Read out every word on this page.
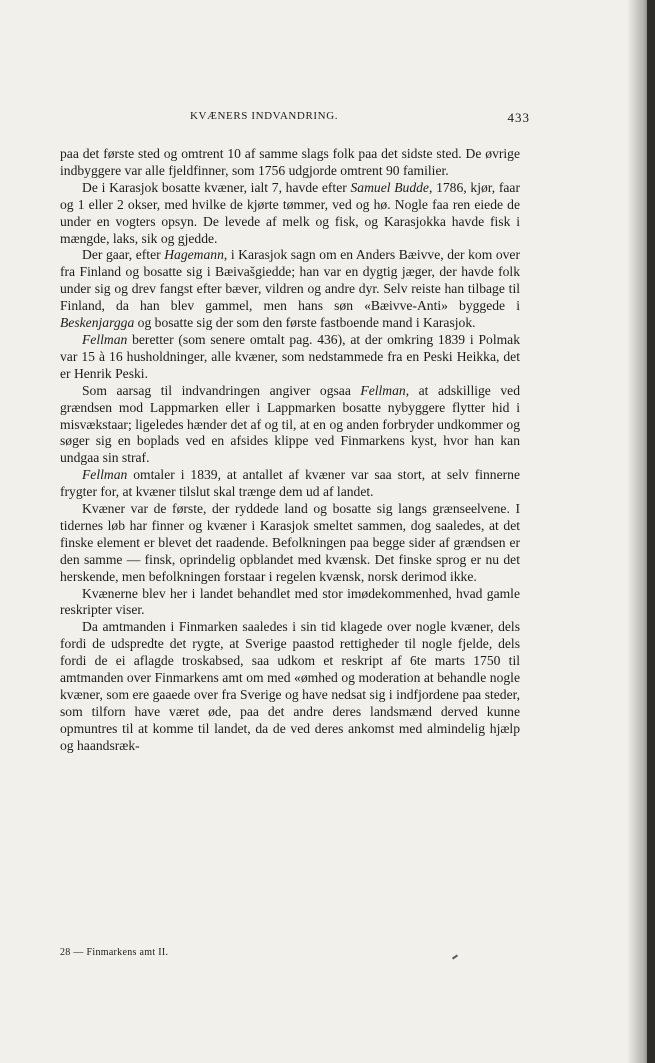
KVÆNERS INDVANDRING.	433

paa det første sted og omtrent 10 af samme slags folk paa det sidste sted. De øvrige indbyggere var alle fjeldfinner, som 1756 udgjorde omtrent 90 familier.

De i Karasjok bosatte kvæner, ialt 7, havde efter Samuel Budde, 1786, kjør, faar og 1 eller 2 okser, med hvilke de kjørte tømmer, ved og hø. Nogle faa ren eiede de under en vogters opsyn. De levede af melk og fisk, og Karasjokka havde fisk i mængde, laks, sik og gjedde.

Der gaar, efter Hagemann, i Karasjok sagn om en Anders Bæivve, der kom over fra Finland og bosatte sig i Bæivašgiedde; han var en dygtig jæger, der havde folk under sig og drev fangst efter bæver, vildren og andre dyr. Selv reiste han tilbage til Finland, da han blev gammel, men hans søn «Bæivve-Anti» byggede i Beskenjargga og bosatte sig der som den første fastboende mand i Karasjok.

Fellman beretter (som senere omtalt pag. 436), at der omkring 1839 i Polmak var 15 à 16 husholdninger, alle kvæner, som nedstammede fra en Peski Heikka, det er Henrik Peski.

Som aarsag til indvandringen angiver ogsaa Fellman, at adskillige ved grændsen mod Lappmarken eller i Lappmarken bosatte nybyggere flytter hid i misvækstaar; ligeledes hænder det af og til, at en og anden forbryder undkommer og søger sig en boplads ved en afsides klippe ved Finmarkens kyst, hvor han kan undgaa sin straf.

Fellman omtaler i 1839, at antallet af kvæner var saa stort, at selv finnerne frygter for, at kvæner tilslut skal trænge dem ud af landet.

Kvæner var de første, der ryddede land og bosatte sig langs grænseelvene. I tidernes løb har finner og kvæner i Karasjok smeltet sammen, dog saaledes, at det finske element er blevet det raadende. Befolkningen paa begge sider af grændsen er den samme — finsk, oprindelig opblandet med kvænsk. Det finske sprog er nu det herskende, men befolkningen forstaar i regelen kvænsk, norsk derimod ikke.

Kvænerne blev her i landet behandlet med stor imødekommenhed, hvad gamle reskripter viser.

Da amtmanden i Finmarken saaledes i sin tid klagede over nogle kvæner, dels fordi de udspredte det rygte, at Sverige paastod rettigheder til nogle fjelde, dels fordi de ei aflagde troskabsed, saa udkom et reskript af 6te marts 1750 til amtmanden over Finmarkens amt om med «ømhed og moderation at behandle nogle kvæner, som ere gaaede over fra Sverige og have nedsat sig i indfjordene paa steder, som tilforn have været øde, paa det andre deres landsmænd derved kunne opmuntres til at komme til landet, da de ved deres ankomst med almindelig hjælp og haandsræk-

28 — Finmarkens amt II.
